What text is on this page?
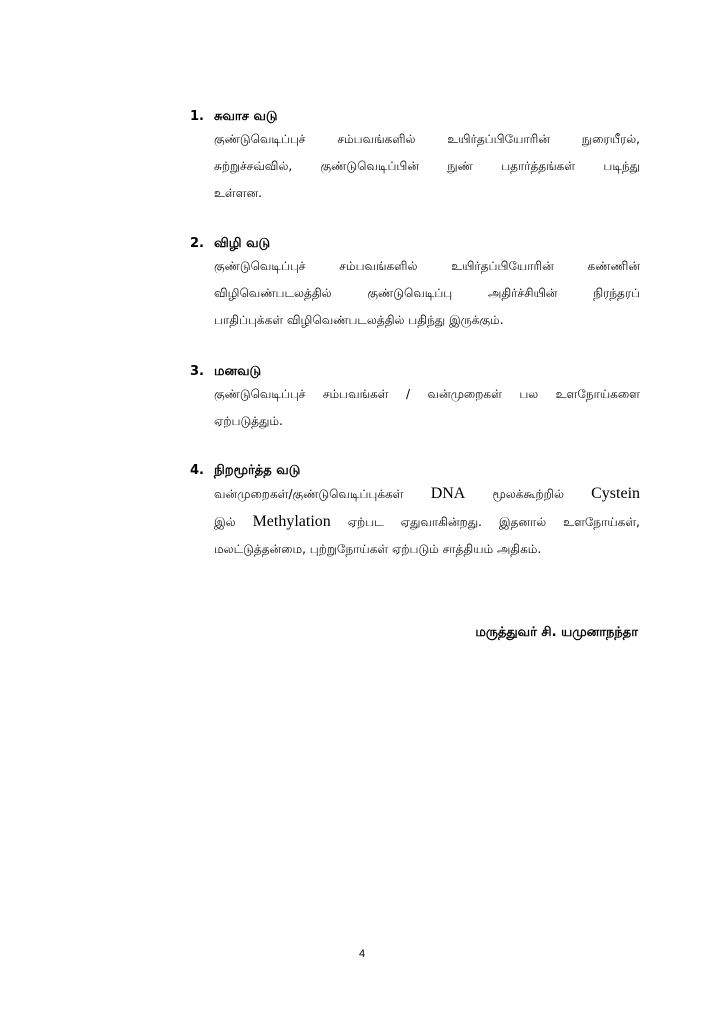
1. சுவாச வடு
குண்டுவெடிப்புச் சம்பவங்களில் உயிர்தப்பியோரின் நுரையீரல்,
சுற்றுச்சவ்வில், குண்டுவெடிப்பின் நுண் பதார்த்தங்கள் படிந்து
உள்ளன.
2. விழி வடு
குண்டுவெடிப்புச் சம்பவங்களில் உயிர்தப்பியோரின் கண்ணின்
விழிவெண்படலத்தில் குண்டுவெடிப்பு அதிர்ச்சியின் நிரந்தரப்
பாதிப்புக்கள் விழிவெண்படலத்தில் பதிந்து இருக்கும்.
3. மனவடு
குண்டுவெடிப்புச் சம்பவங்கள் / வன்முறைகள் பல உளநோய்களை
ஏற்படுத்தும்.
4. நிறமூர்த்த வடு
வன்முறைகள்/குண்டுவெடிப்புக்கள் DNA மூலக்கூற்றில் Cystein
இல் Methylation ஏற்பட ஏதுவாகின்றது. இதனால் உளநோய்கள்,
மலட்டுத்தன்மை, புற்றுநோய்கள் ஏற்படும் சாத்தியம் அதிகம்.
மருத்துவர் சி. யமுனாநந்தா
4
